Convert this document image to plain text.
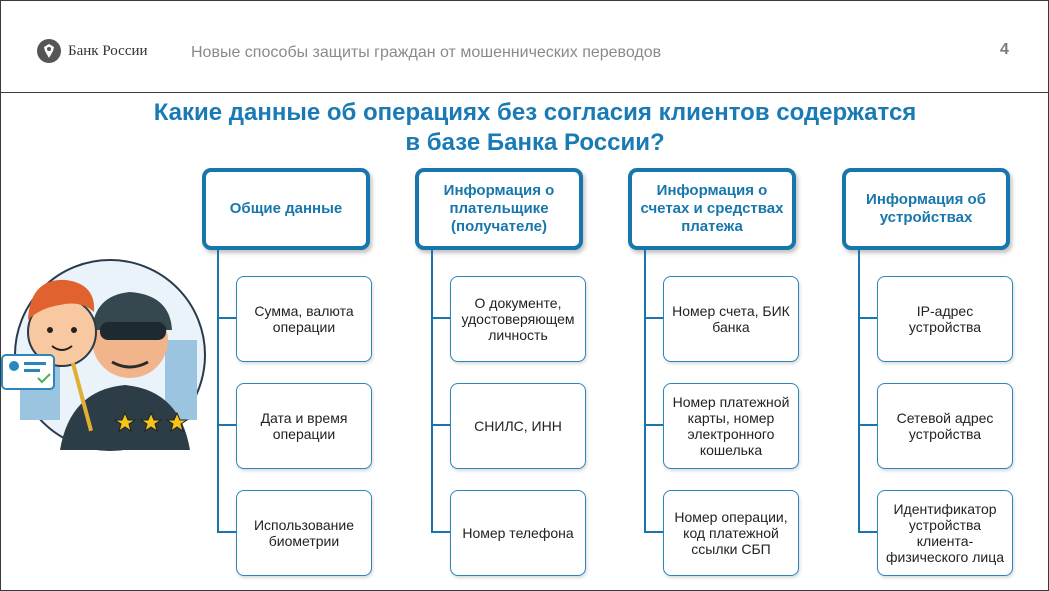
Банк России	Новые способы защиты граждан от мошеннических переводов	4
Какие данные об операциях без согласия клиентов содержатся
в базе Банка России?
Общие данные
Сумма, валюта операции
Дата и время операции
Использование биометрии
Информация о плательщике (получателе)
О документе, удостоверяющем личность
СНИЛС, ИНН
Номер телефона
Информация о счетах и средствах платежа
Номер счета, БИК банка
Номер платежной карты, номер электронного кошелька
Номер операции, код платежной ссылки СБП
Информация об устройствах
IP-адрес устройства
Сетевой адрес устройства
Идентификатор устройства клиента-физического лица
